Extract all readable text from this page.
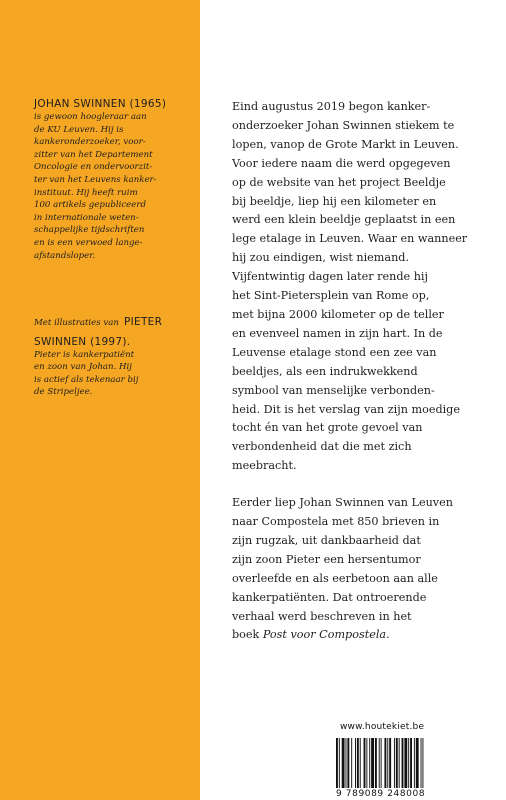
JOHAN SWINNEN (1965)
is gewoon hoogleraar aan
de KU Leuven. Hij is
kankeronderzoeker, voor-
zitter van het Departement
Oncologie en ondervoorzit-
ter van het Leuvens kanker-
instituut. Hij heeft ruim
100 artikels gepubliceerd
in internationale weten-
schappelijke tijdschriften
en is een verwoed lange-
afstandsloper.
Met illustraties van PIETER SWINNEN (1997).
Pieter is kankerpatiënt
en zoon van Johan. Hij
is actief als tekenaar bij
de Stripeljee.

Eind augustus 2019 begon kanker-
onderzoeker Johan Swinnen stiekem te
lopen, vanop de Grote Markt in Leuven.
Voor iedere naam die werd opgegeven
op de website van het project Beeldje
bij beeldje, liep hij een kilometer en
werd een klein beeldje geplaatst in een
lege etalage in Leuven. Waar en wanneer
hij zou eindigen, wist niemand.
Vijfentwintig dagen later rende hij
het Sint-Pietersplein van Rome op,
met bijna 2000 kilometer op de teller
en evenveel namen in zijn hart. In de
Leuvense etalage stond een zee van
beeldjes, als een indrukwekkend
symbool van menselijke verbonden-
heid. Dit is het verslag van zijn moedige
tocht én van het grote gevoel van
verbondenheid dat die met zich
meebracht.

Eerder liep Johan Swinnen van Leuven
naar Compostela met 850 brieven in
zijn rugzak, uit dankbaarheid dat
zijn zoon Pieter een hersentumor
overleefde en als eerbetoon aan alle
kankerpatiënten. Dat ontroerende
verhaal werd beschreven in het
boek Post voor Compostela.

www.houtekiet.be
9 789089 248008
